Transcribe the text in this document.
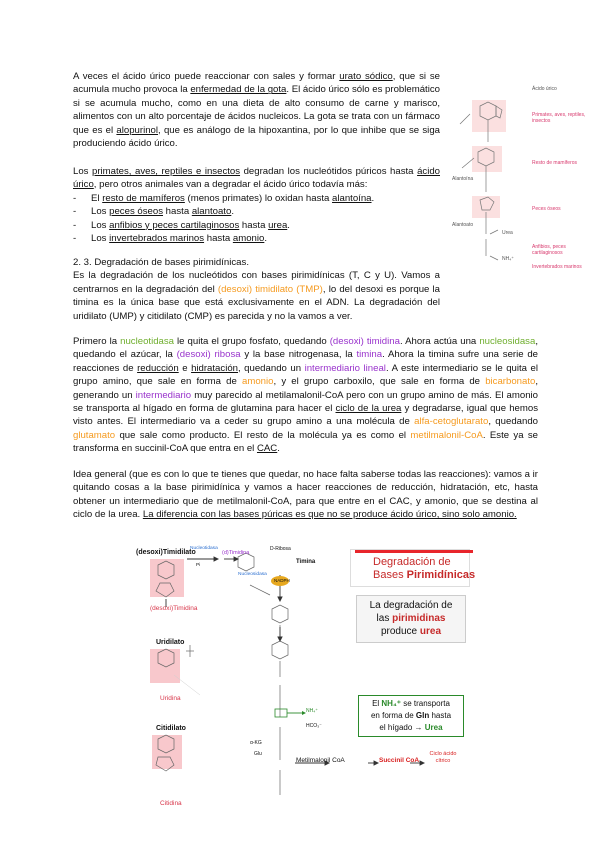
A veces el ácido úrico puede reaccionar con sales y formar urato sódico, que si se acumula mucho provoca la enfermedad de la gota. El ácido úrico sólo es problemático si se acumula mucho, como en una dieta de alto consumo de carne y marisco, alimentos con un alto porcentaje de ácidos nucleicos. La gota se trata con un fármaco que es el alopurinol, que es análogo de la hipoxantina, por lo que inhibe que se siga produciendo ácido úrico.
Los primates, aves, reptiles e insectos degradan los nucleótidos púricos hasta ácido úrico, pero otros animales van a degradar el ácido úrico todavía más:
- El resto de mamíferos (menos primates) lo oxidan hasta alantoína.
- Los peces óseos hasta alantoato.
- Los anfibios y peces cartilaginosos hasta urea.
- Los invertebrados marinos hasta amonio.
2. 3. Degradación de bases pirimidínicas.
Es la degradación de los nucleótidos con bases pirimidínicas (T, C y U). Vamos a centrarnos en la degradación del (desoxi) timidilato (TMP), lo del desoxi es porque la timina es la única base que está exclusivamente en el ADN. La degradación del uridilato (UMP) y citidilato (CMP) es parecida y no la vamos a ver.
Primero la nucleotidasa le quita el grupo fosfato, quedando (desoxi) timidina. Ahora actúa una nucleosidasa, quedando el azúcar, la (desoxi) ribosa y la base nitrogenasa, la timina. Ahora la timina sufre una serie de reacciones de reducción e hidratación, quedando un intermediario lineal. A este intermediario se le quita el grupo amino, que sale en forma de amonio, y el grupo carboxilo, que sale en forma de bicarbonato, generando un intermediario muy parecido al metilamalonil-CoA pero con un grupo amino de más. El amonio se transporta al hígado en forma de glutamina para hacer el ciclo de la urea y degradarse, igual que hemos visto antes. El intermediario va a ceder su grupo amino a una molécula de alfa-cetoglutarato, quedando glutamato que sale como producto. El resto de la molécula ya es como el metilmalonil-CoA. Este ya se transforma en succinil-CoA que entra en el CAC.
Idea general (que es con lo que te tienes que quedar, no hace falta saberse todas las reacciones): vamos a ir quitando cosas a la base pirimidínica y vamos a hacer reacciones de reducción, hidratación, etc, hasta obtener un intermediario que de metilmalonil-CoA, para que entre en el CAC, y amonio, que se destina al ciclo de la urea. La diferencia con las bases púricas es que no se produce ácido úrico, sino solo amonio.
Ácido úrico
Primates, aves, reptiles, insectos
Alantoína
Resto de mamíferos
Alantoato
Peces óseos
Urea
Anfibios, peces cartilaginosos
NH₄⁺
Invertebrados marinos
(desoxi)Timidilato
Nucleotidasa
Pi
(d)Timidina
D-Ribosa
Nucleosidasa
Timina
(desoxi)Timidina
Uridilato
Uridina
Citidilato
Citidina
NADPH
NH₄⁺
HCO₃⁻
α-KG
Glu
Metilmalonil CoA	Succinil CoA
Ciclo ácido cítrico
Degradación de
Bases Pirimidínicas
La degradación de
las pirimidinas
produce urea
El NH₄⁺ se transporta
en forma de Gln hasta
el hígado → Urea
